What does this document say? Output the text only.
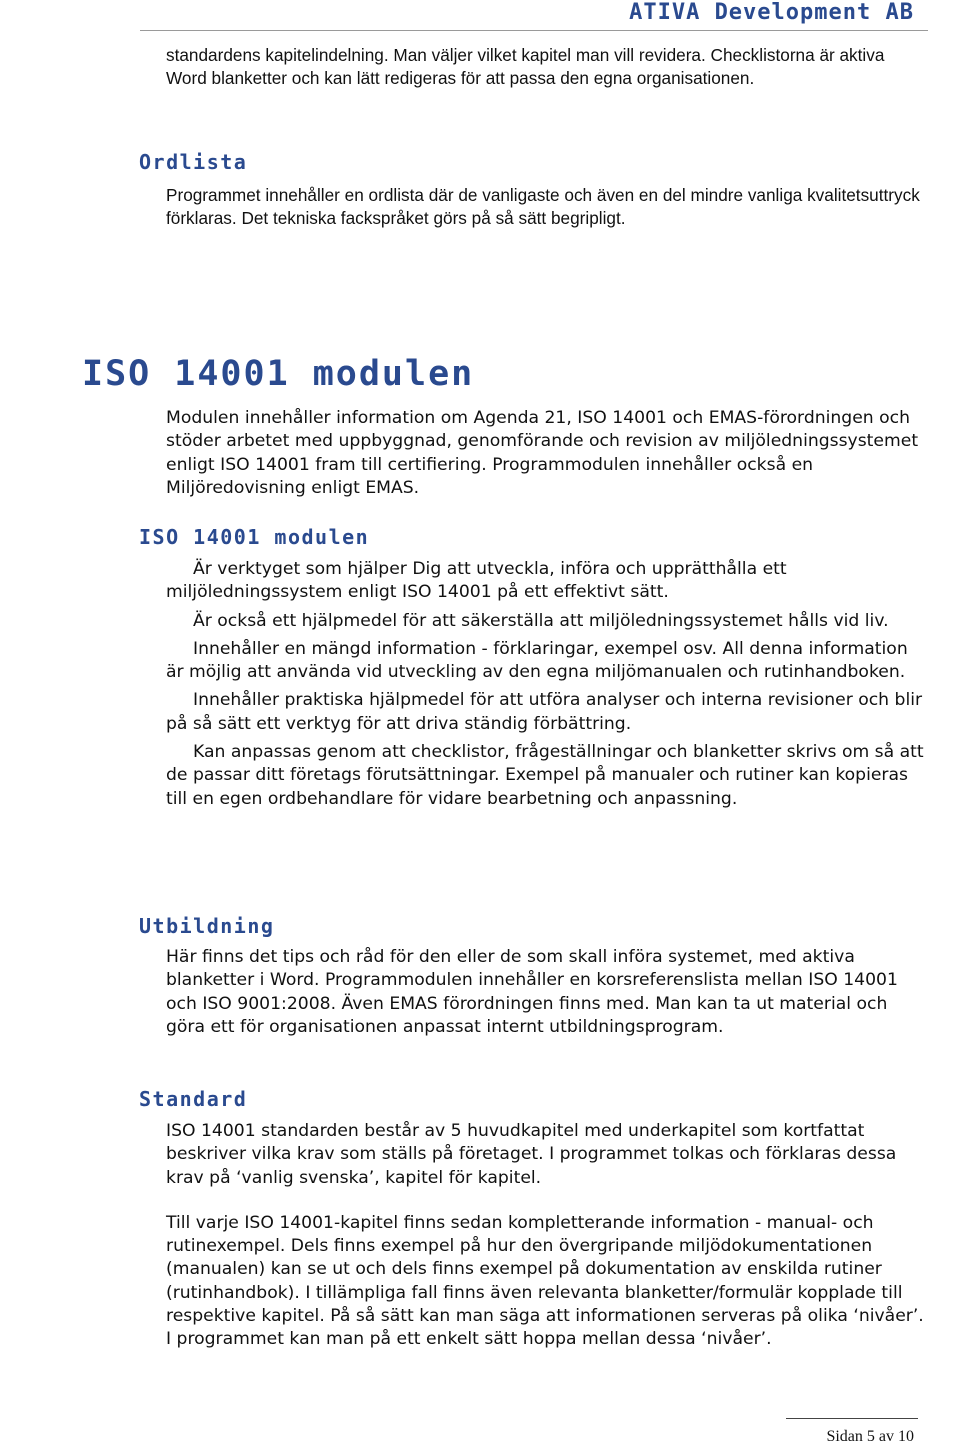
ATIVA Development AB

standardens kapitelindelning. Man väljer vilket kapitel man vill revidera. Checklistorna är aktiva Word blanketter och kan lätt redigeras för att passa den egna organisationen.

Ordlista

Programmet innehåller en ordlista där de vanligaste och även en del mindre vanliga kvalitetsuttryck förklaras. Det tekniska fackspråket görs på så sätt begripligt.

ISO 14001 modulen

Modulen innehåller information om Agenda 21, ISO 14001 och EMAS-förordningen och stöder arbetet med uppbyggnad, genomförande och revision av miljöledningssystemet enligt ISO 14001 fram till certifiering. Programmodulen innehåller också en Miljöredovisning enligt EMAS.

ISO 14001 modulen

Är verktyget som hjälper Dig att utveckla, införa och upprätthålla ett miljöledningssystem enligt ISO 14001 på ett effektivt sätt.

Är också ett hjälpmedel för att säkerställa att miljöledningssystemet hålls vid liv.

Innehåller en mängd information - förklaringar, exempel osv. All denna information är möjlig att använda vid utveckling av den egna miljömanualen och rutinhandboken.

Innehåller praktiska hjälpmedel för att utföra analyser och interna revisioner och blir på så sätt ett verktyg för att driva ständig förbättring.

Kan anpassas genom att checklistor, frågeställningar och blanketter skrivs om så att de passar ditt företags förutsättningar. Exempel på manualer och rutiner kan kopieras till en egen ordbehandlare för vidare bearbetning och anpassning.

Utbildning

Här finns det tips och råd för den eller de som skall införa systemet, med aktiva blanketter i Word. Programmodulen innehåller en korsreferenslista mellan ISO 14001 och ISO 9001:2008. Även EMAS förordningen finns med. Man kan ta ut material och göra ett för organisationen anpassat internt utbildningsprogram.

Standard

ISO 14001 standarden består av 5 huvudkapitel med underkapitel som kortfattat beskriver vilka krav som ställs på företaget. I programmet tolkas och förklaras dessa krav på ‘vanlig svenska’, kapitel för kapitel.

Till varje ISO 14001-kapitel finns sedan kompletterande information - manual- och rutinexempel. Dels finns exempel på hur den övergripande miljödokumentationen (manualen) kan se ut och dels finns exempel på dokumentation av enskilda rutiner (rutinhandbok). I tillämpliga fall finns även relevanta blanketter/formulär kopplade till respektive kapitel. På så sätt kan man säga att informationen serveras på olika ‘nivåer’. I programmet kan man på ett enkelt sätt hoppa mellan dessa ‘nivåer’.

Sidan 5 av 10
